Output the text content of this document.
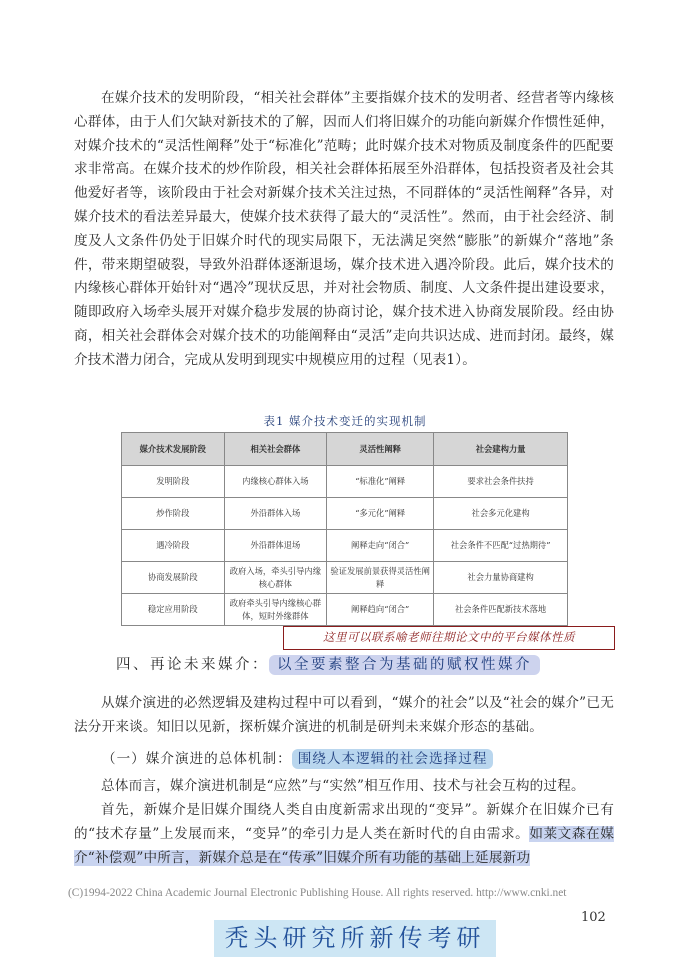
在媒介技术的发明阶段，“相关社会群体”主要指媒介技术的发明者、经营者等内缘核心群体，由于人们欠缺对新技术的了解，因而人们将旧媒介的功能向新媒介作惯性延伸，对媒介技术的“灵活性阐释”处于“标准化”范畴；此时媒介技术对物质及制度条件的匹配要求非常高。在媒介技术的炒作阶段，相关社会群体拓展至外沿群体，包括投资者及社会其他爱好者等，该阶段由于社会对新媒介技术关注过热，不同群体的“灵活性阐释”各异，对媒介技术的看法差异最大，使媒介技术获得了最大的“灵活性”。然而，由于社会经济、制度及人文条件仍处于旧媒介时代的现实局限下，无法满足突然“膨胀”的新媒介“落地”条件，带来期望破裂，导致外沿群体逐渐退场，媒介技术进入遇冷阶段。此后，媒介技术的内缘核心群体开始针对“遇冷”现状反思，并对社会物质、制度、人文条件提出建设要求，随即政府入场牵头展开对媒介稳步发展的协商讨论，媒介技术进入协商发展阶段。经由协商，相关社会群体会对媒介技术的功能阐释由“灵活”走向共识达成、进而封闭。最终，媒介技术潜力闭合，完成从发明到现实中规模应用的过程（见表1）。

表1 媒介技术变迁的实现机制
媒介技术发展阶段	相关社会群体	灵活性阐释	社会建构力量
发明阶段	内缘核心群体入场	“标准化”阐释	要求社会条件扶持
炒作阶段	外沿群体入场	“多元化”阐释	社会多元化建构
遇冷阶段	外沿群体退场	阐释走向“闭合”	社会条件不匹配“过热期待”
协商发展阶段	政府入场，牵头引导内缘核心群体	验证发展前景获得灵活性阐释	社会力量协商建构
稳定应用阶段	政府牵头引导内缘核心群体，短时外缘群体	阐释趋向“闭合”	社会条件匹配新技术落地
这里可以联系喻老师往期论文中的平台媒体性质
四、再论未来媒介： 以全要素整合为基础的赋权性媒介

从媒介演进的必然逻辑及建构过程中可以看到，“媒介的社会”以及“社会的媒介”已无法分开来谈。知旧以见新，探析媒介演进的机制是研判未来媒介形态的基础。

（一）媒介演进的总体机制： 围绕人本逻辑的社会选择过程

总体而言，媒介演进机制是“应然”与“实然”相互作用、技术与社会互构的过程。

首先，新媒介是旧媒介围绕人类自由度新需求出现的“变异”。新媒介在旧媒介已有的“技术存量”上发展而来，“变异”的牵引力是人类在新时代的自由需求。如莱文森在媒介“补偿观”中所言，新媒介总是在“传承”旧媒介所有功能的基础上延展新功

(C)1994-2022 China Academic Journal Electronic Publishing House. All rights reserved. http://www.cnki.net
102
秃头研究所新传考研
